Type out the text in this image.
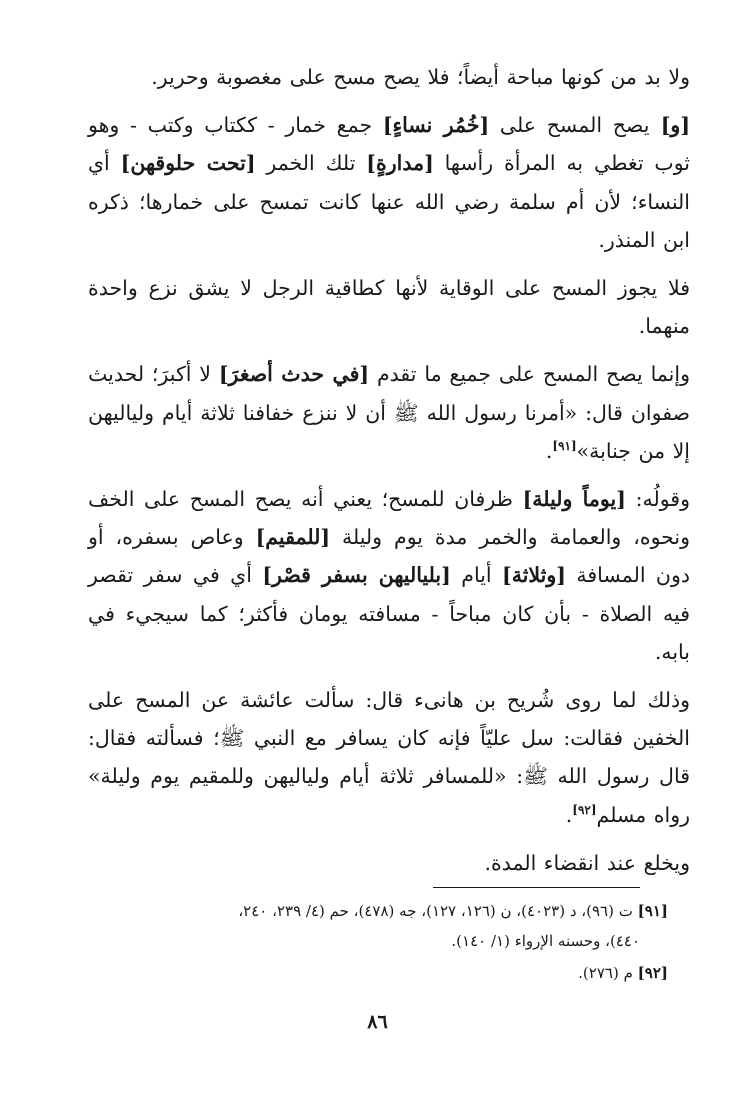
ولا بد من كونها مباحة أيضاً؛ فلا يصح مسح على مغصوبة وحرير.

[و] يصح المسح على [خُمُر نساءٍ] جمع خمار - ككتاب وكتب - وهو ثوب تغطي به المرأة رأسها [مدارةٍ] تلك الخمر [تحت حلوقهن] أي النساء؛ لأن أم سلمة رضي الله عنها كانت تمسح على خمارها؛ ذكره ابن المنذر.

فلا يجوز المسح على الوقاية لأنها كطاقية الرجل لا يشق نزع واحدة منهما.

وإنما يصح المسح على جميع ما تقدم [في حدث أصغرَ] لا أكبرَ؛ لحديث صفوان قال: «أمرنا رسول الله ﷺ أن لا ننزع خفافنا ثلاثة أيام ولياليهن إلا من جنابة»[٩١].

وقولُه: [يوماً وليلة] ظرفان للمسح؛ يعني أنه يصح المسح على الخف ونحوه، والعمامة والخمر مدة يوم وليلة [للمقيم] وعاص بسفره، أو دون المسافة [وثلاثة] أيام [بلياليهن بسفر قصْر] أي في سفر تقصر فيه الصلاة - بأن كان مباحاً - مسافته يومان فأكثر؛ كما سيجيء في بابه.

وذلك لما روى شُريح بن هانىء قال: سألت عائشة عن المسح على الخفين فقالت: سل عليّاً فإنه كان يسافر مع النبي ﷺ؛ فسألته فقال: قال رسول الله ﷺ: «للمسافر ثلاثة أيام ولياليهن وللمقيم يوم وليلة» رواه مسلم[٩٢].

ويخلع عند انقضاء المدة.

[٩١] ت (٩٦)، د (٤٠٢٣)، ن (١٢٦، ١٢٧)، جه (٤٧٨)، حم (٤/ ٢٣٩، ٢٤٠،

٤٤٠)، وحسنه الإرواء (١/ ١٤٠).

[٩٢] م (٢٧٦).

٨٦
